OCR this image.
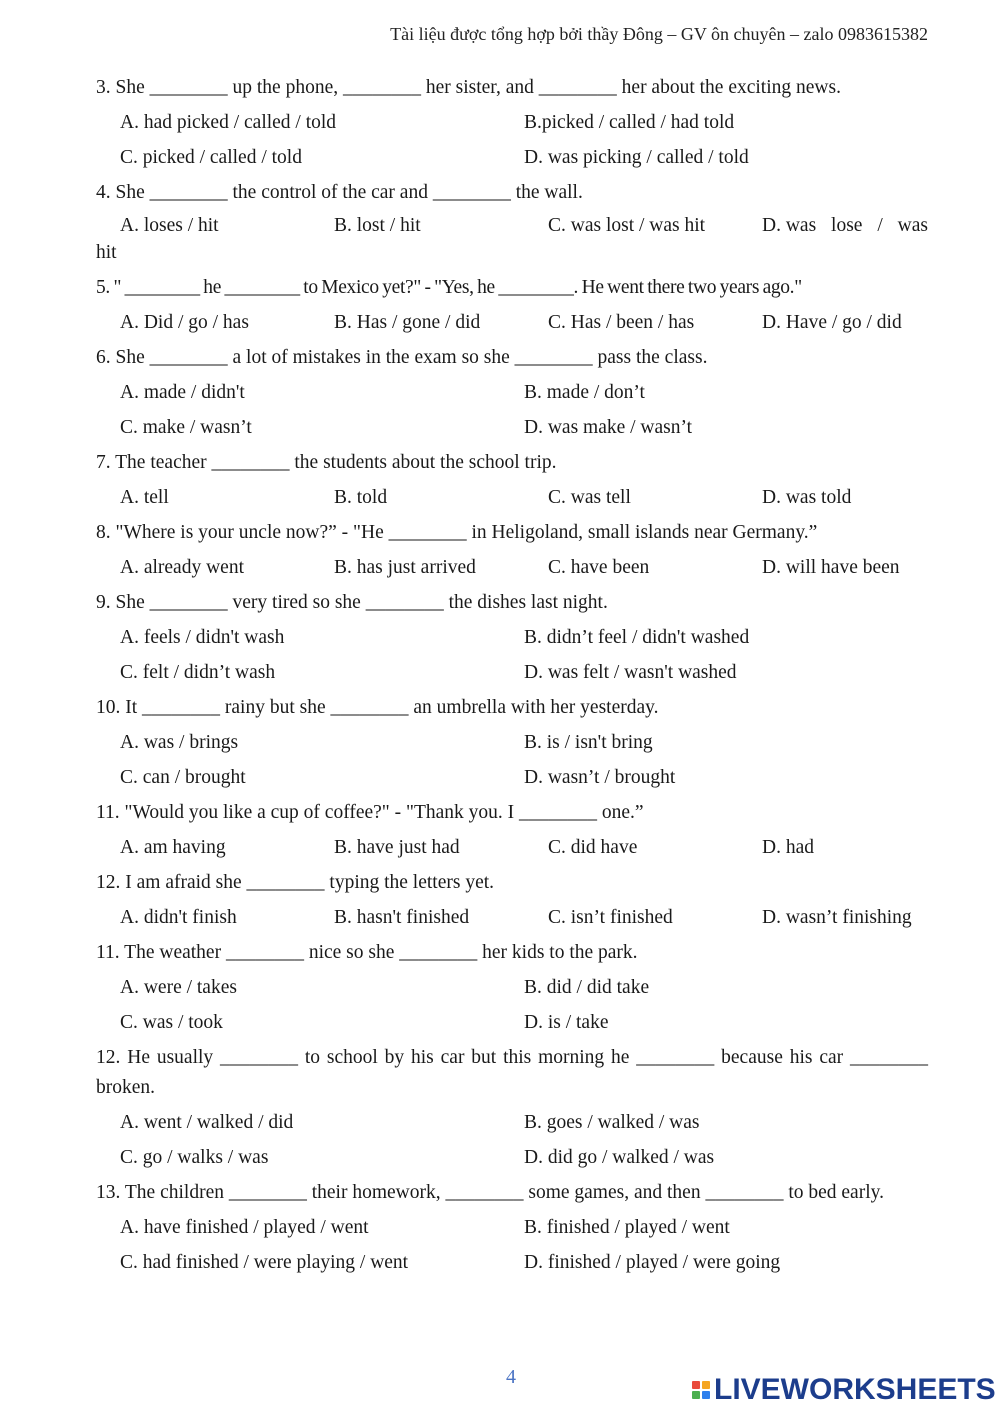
Tài liệu được tổng hợp bởi thầy Đông – GV ôn chuyên – zalo 0983615382

3. She ________ up the phone, ________ her sister, and ________ her about the exciting news.

A. had picked / called / told	B.picked / called / had told
C. picked / called / told	D. was picking / called / told

4. She ________ the control of the car and ________ the wall.

A. loses / hit	B. lost / hit	C. was lost / was hit	D. was lose / was
hit

5. " ________ he ________ to Mexico yet?" - "Yes, he ________. He went there two years ago."

A. Did / go / has	B. Has / gone / did	C. Has / been / has	D. Have / go / did

6. She ________ a lot of mistakes in the exam so she ________ pass the class.

A. made / didn't	B. made / don’t
C. make / wasn’t	D. was make / wasn’t

7. The teacher ________ the students about the school trip.

A. tell	B. told	C. was tell	D. was told

8. "Where is your uncle now?” - "He ________ in Heligoland, small islands near Germany.”

A. already went	B. has just arrived	C. have been	D. will have been

9. She ________ very tired so she ________ the dishes last night.

A. feels / didn't wash	B. didn’t feel / didn't washed
C. felt / didn’t wash	D. was felt / wasn't washed

10. It ________ rainy but she ________ an umbrella with her yesterday.

A. was / brings	B. is / isn't bring
C. can / brought	D. wasn’t / brought

11. "Would you like a cup of coffee?" - "Thank you. I ________ one.”

A. am having	B. have just had	C. did have	D. had

12. I am afraid she ________ typing the letters yet.

A. didn't finish	B. hasn't finished	C. isn’t finished	D. wasn’t finishing

11. The weather ________ nice so she ________ her kids to the park.

A. were / takes	B. did / did take
C. was / took	D. is / take

12. He usually ________ to school by his car but this morning he ________ because his car ________ broken.

A. went / walked / did	B. goes / walked / was
C. go / walks / was	D. did go / walked / was

13. The children ________ their homework, ________ some games, and then ________ to bed early.

A. have finished / played / went	B. finished / played / went
C. had finished / were playing / went	D. finished / played / were going
4	LIVEWORKSHEETS
